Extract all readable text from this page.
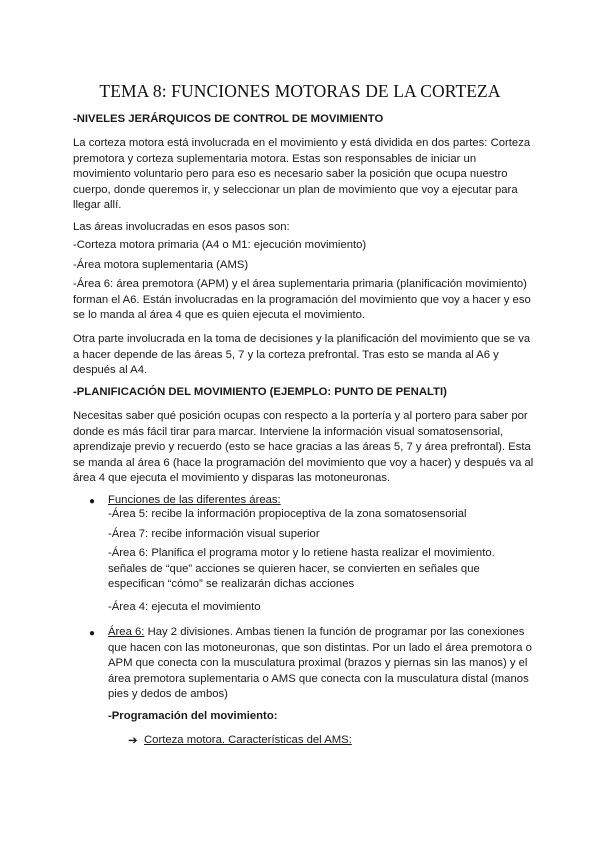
TEMA 8: FUNCIONES MOTORAS DE LA CORTEZA
-NIVELES JERÁRQUICOS DE CONTROL DE MOVIMIENTO
La corteza motora está involucrada en el movimiento y está dividida en dos partes: Corteza
premotora y corteza suplementaria motora. Estas son responsables de iniciar un
movimiento voluntario pero para eso es necesario saber la posición que ocupa nuestro
cuerpo, donde queremos ir, y seleccionar un plan de movimiento que voy a ejecutar para
llegar allí.
Las áreas involucradas en esos pasos son:
-Corteza motora primaria (A4 o M1: ejecución movimiento)
-Área motora suplementaria (AMS)
-Área 6: área premotora (APM) y el área suplementaria primaria (planificación movimiento)
forman el A6. Están involucradas en la programación del movimiento que voy a hacer y eso
se lo manda al área 4 que es quien ejecuta el movimiento.
Otra parte involucrada en la toma de decisiones y la planificación del movimiento que se va
a hacer depende de las áreas 5, 7 y la corteza prefrontal. Tras esto se manda al A6 y
después al A4.
-PLANIFICACIÓN DEL MOVIMIENTO (EJEMPLO: PUNTO DE PENALTI)
Necesitas saber qué posición ocupas con respecto a la portería y al portero para saber por
donde es más fácil tirar para marcar. Interviene la información visual somatosensorial,
aprendizaje previo y recuerdo (esto se hace gracias a las áreas 5, 7 y área prefrontal). Esta
se manda al área 6 (hace la programación del movimiento que voy a hacer) y después va al
área 4 que ejecuta el movimiento y disparas las motoneuronas.
● Funciones de las diferentes áreas:
-Área 5: recibe la información propioceptiva de la zona somatosensorial
-Área 7: recibe información visual superior
-Área 6: Planifica el programa motor y lo retiene hasta realizar el movimiento.
señales de “que” acciones se quieren hacer, se convierten en señales que
especifican “cómo” se realizarán dichas acciones
-Área 4: ejecuta el movimiento
● Área 6: Hay 2 divisiones. Ambas tienen la función de programar por las conexiones
que hacen con las motoneuronas, que son distintas. Por un lado el área premotora o
APM que conecta con la musculatura proximal (brazos y piernas sin las manos) y el
área premotora suplementaria o AMS que conecta con la musculatura distal (manos
pies y dedos de ambos)
-Programación del movimiento:
➔ Corteza motora. Características del AMS:
